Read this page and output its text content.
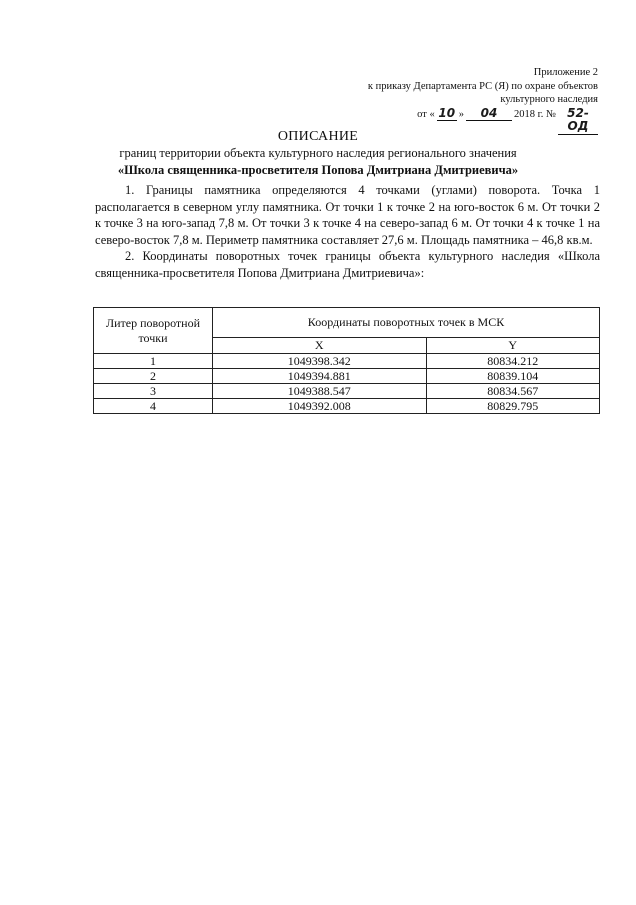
Приложение 2
к приказу Департамента РС (Я) по охране объектов
культурного наследия
от « 10 »	04	2018 г. № 52-ОД
ОПИСАНИЕ
границ территории объекта культурного наследия регионального значения
«Школа священника-просветителя Попова Дмитриана Дмитриевича»

1. Границы памятника определяются 4 точками (углами) поворота. Точка 1 располагается в северном углу памятника. От точки 1 к точке 2 на юго-восток 6 м. От точки 2 к точке 3 на юго-запад 7,8 м. От точки 3 к точке 4 на северо-запад 6 м. От точки 4 к точке 1 на северо-восток 7,8 м. Периметр памятника составляет 27,6 м. Площадь памятника – 46,8 кв.м.

2. Координаты поворотных точек границы объекта культурного наследия «Школа священника-просветителя Попова Дмитриана Дмитриевича»:

Литер поворотной точки	Координаты поворотных точек в МСК	
	X	Y
1	1049398.342	80834.212
2	1049394.881	80839.104
3	1049388.547	80834.567
4	1049392.008	80829.795
